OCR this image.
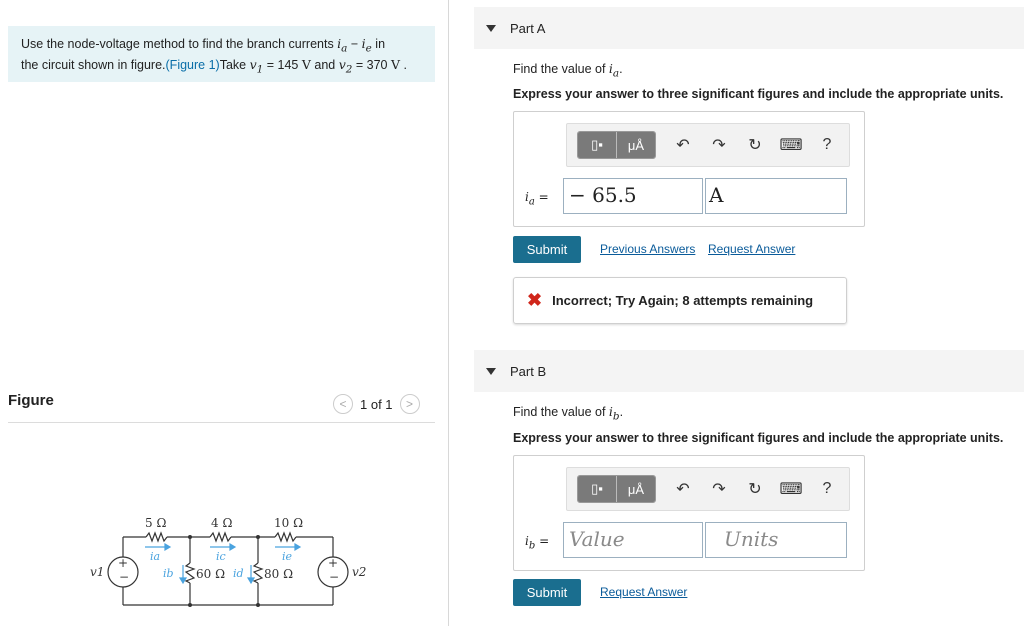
Use the node-voltage method to find the branch currents $i_a - i_e$ in
the circuit shown in figure.(Figure 1)Take $v_1 = 145$ V and $v_2 = 370$ V .
Figure	<	1 of 1	>
5 Ω	4 Ω	10 Ω
60 Ω	80 Ω
ia	ic	ie
ib	id
+
−
+
−
v1	v2
Part A
Find the value of $i_a$.
Express your answer to three significant figures and include the appropriate units.
▯▪	μÅ	↶	↷	↻	⌨	?
$i_a$ =	− 65.5	A
Submit	Previous Answers Request Answer
✖ Incorrect; Try Again; 8 attempts remaining
Part B
Find the value of $i_b$.
Express your answer to three significant figures and include the appropriate units.
▯▪	μÅ	↶	↷	↻	⌨	?
$i_b$ = Value	Units
Submit	Request Answer
